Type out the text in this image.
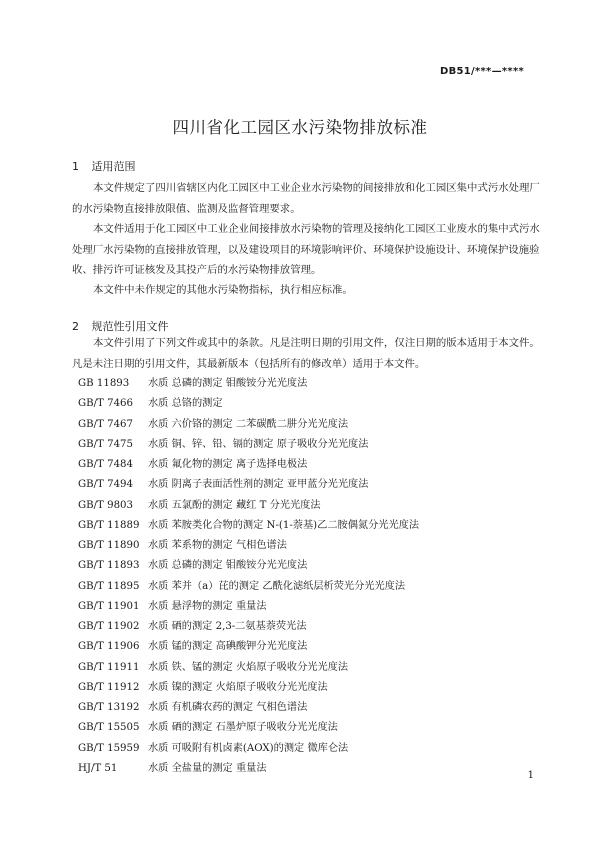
DB51/***—****
四川省化工园区水污染物排放标准
1 适用范围

本文件规定了四川省辖区内化工园区中工业企业水污染物的间接排放和化工园区集中式污水处理厂的水污染物直接排放限值、监测及监督管理要求。

本文件适用于化工园区中工业企业间接排放水污染物的管理及接纳化工园区工业废水的集中式污水处理厂水污染物的直接排放管理，以及建设项目的环境影响评价、环境保护设施设计、环境保护设施验收、排污许可证核发及其投产后的水污染物排放管理。

本文件中未作规定的其他水污染物指标，执行相应标准。

2 规范性引用文件

本文件引用了下列文件或其中的条款。凡是注明日期的引用文件，仅注日期的版本适用于本文件。凡是未注日期的引用文件，其最新版本（包括所有的修改单）适用于本文件。

GB 11893 水质 总磷的测定 钼酸铵分光光度法
GB/T 7466 水质 总铬的测定
GB/T 7467 水质 六价铬的测定 二苯碳酰二肼分光光度法
GB/T 7475 水质 铜、锌、铅、镉的测定 原子吸收分光光度法
GB/T 7484 水质 氟化物的测定 离子选择电极法
GB/T 7494 水质 阴离子表面活性剂的测定 亚甲蓝分光光度法
GB/T 9803 水质 五氯酚的测定 藏红 T 分光光度法
GB/T 11889 水质 苯胺类化合物的测定 N-(1-萘基)乙二胺偶氮分光光度法
GB/T 11890 水质 苯系物的测定 气相色谱法
GB/T 11893 水质 总磷的测定 钼酸铵分光光度法
GB/T 11895 水质 苯并（a）芘的测定 乙酰化滤纸层析荧光分光光度法
GB/T 11901 水质 悬浮物的测定 重量法
GB/T 11902 水质 硒的测定 2,3-二氨基萘荧光法
GB/T 11906 水质 锰的测定 高碘酸钾分光光度法
GB/T 11911 水质 铁、锰的测定 火焰原子吸收分光光度法
GB/T 11912 水质 镍的测定 火焰原子吸收分光光度法
GB/T 13192 水质 有机磷农药的测定 气相色谱法
GB/T 15505 水质 硒的测定 石墨炉原子吸收分光光度法
GB/T 15959 水质 可吸附有机卤素(AOX)的测定 微库仑法
HJ/T 51	水质 全盐量的测定 重量法
1
